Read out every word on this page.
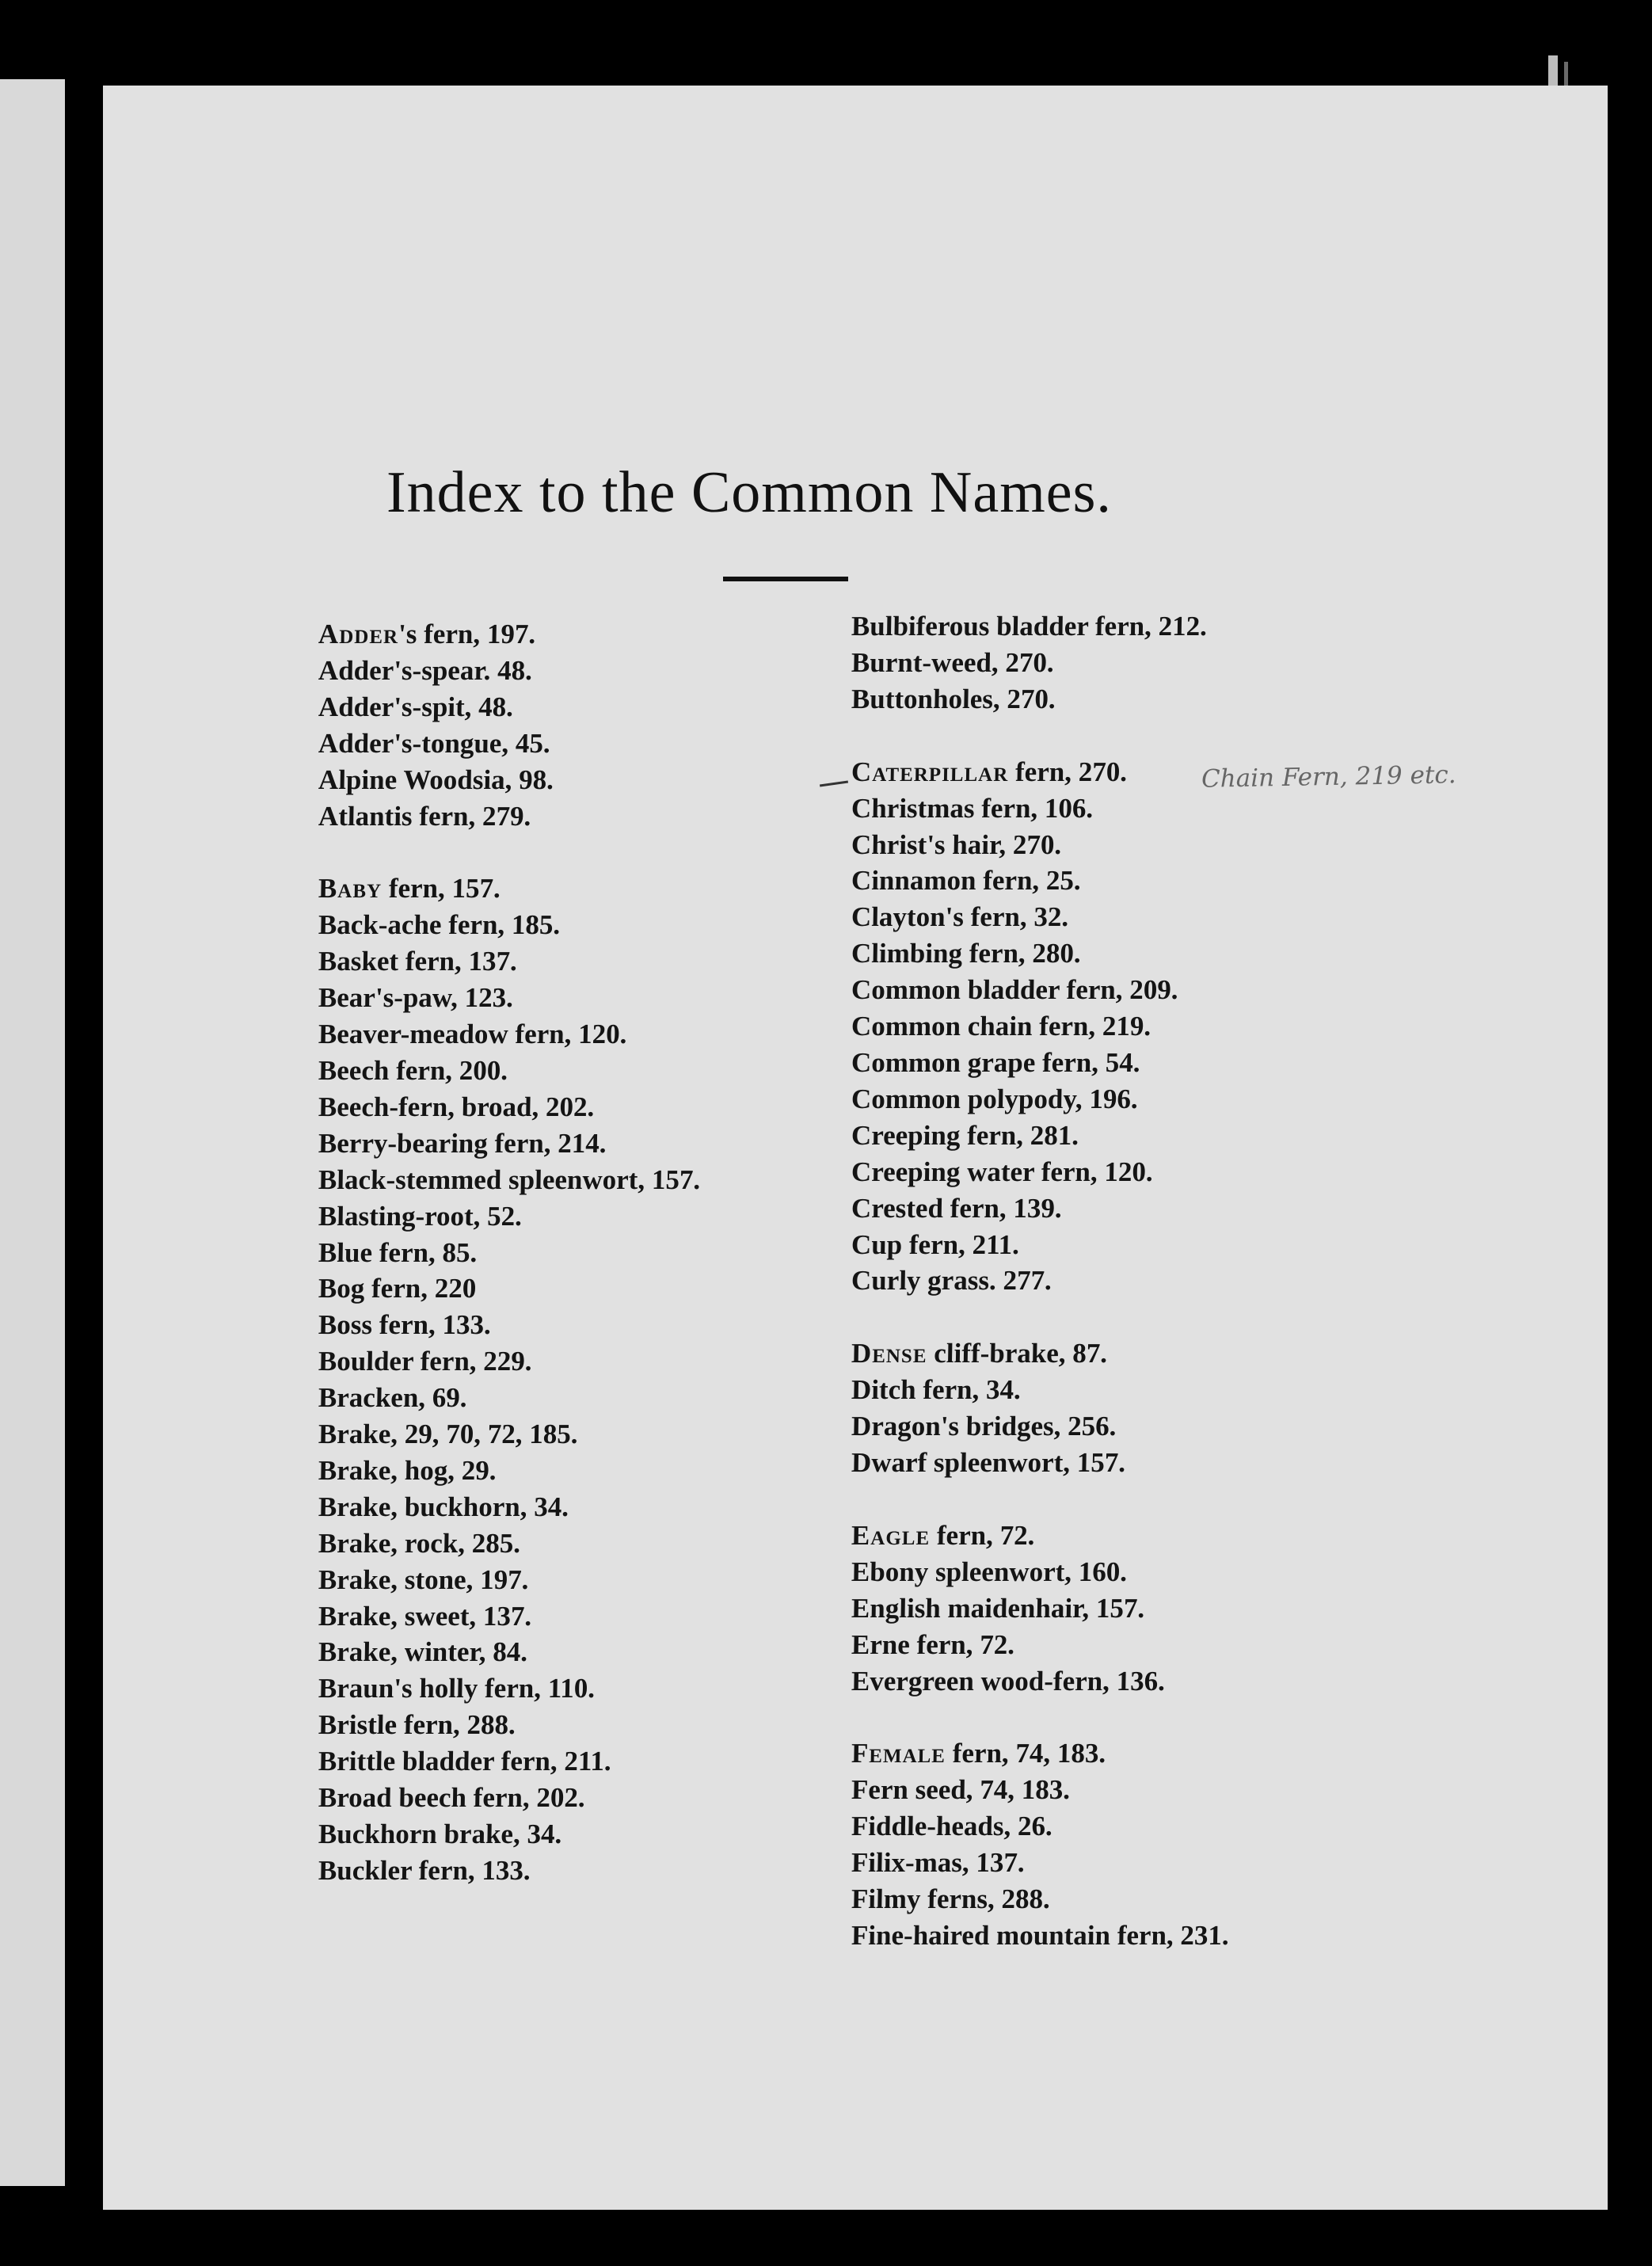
Index to the Common Names.
Adder's fern, 197.
Adder's-spear. 48.
Adder's-spit, 48.
Adder's-tongue, 45.
Alpine Woodsia, 98.
Atlantis fern, 279.
Baby fern, 157.
Back-ache fern, 185.
Basket fern, 137.
Bear's-paw, 123.
Beaver-meadow fern, 120.
Beech fern, 200.
Beech-fern, broad, 202.
Berry-bearing fern, 214.
Black-stemmed spleenwort, 157.
Blasting-root, 52.
Blue fern, 85.
Bog fern, 220
Boss fern, 133.
Boulder fern, 229.
Bracken, 69.
Brake, 29, 70, 72, 185.
Brake, hog, 29.
Brake, buckhorn, 34.
Brake, rock, 285.
Brake, stone, 197.
Brake, sweet, 137.
Brake, winter, 84.
Braun's holly fern, 110.
Bristle fern, 288.
Brittle bladder fern, 211.
Broad beech fern, 202.
Buckhorn brake, 34.
Buckler fern, 133.
Bulbiferous bladder fern, 212.
Burnt-weed, 270.
Buttonholes, 270.
Caterpillar fern, 270.
Christmas fern, 106.
Christ's hair, 270.
Cinnamon fern, 25.
Clayton's fern, 32.
Climbing fern, 280.
Common bladder fern, 209.
Common chain fern, 219.
Common grape fern, 54.
Common polypody, 196.
Creeping fern, 281.
Creeping water fern, 120.
Crested fern, 139.
Cup fern, 211.
Curly grass. 277.
Dense cliff-brake, 87.
Ditch fern, 34.
Dragon's bridges, 256.
Dwarf spleenwort, 157.
Eagle fern, 72.
Ebony spleenwort, 160.
English maidenhair, 157.
Erne fern, 72.
Evergreen wood-fern, 136.
Female fern, 74, 183.
Fern seed, 74, 183.
Fiddle-heads, 26.
Filix-mas, 137.
Filmy ferns, 288.
Fine-haired mountain fern, 231.
Chain Fern, 219 etc.
